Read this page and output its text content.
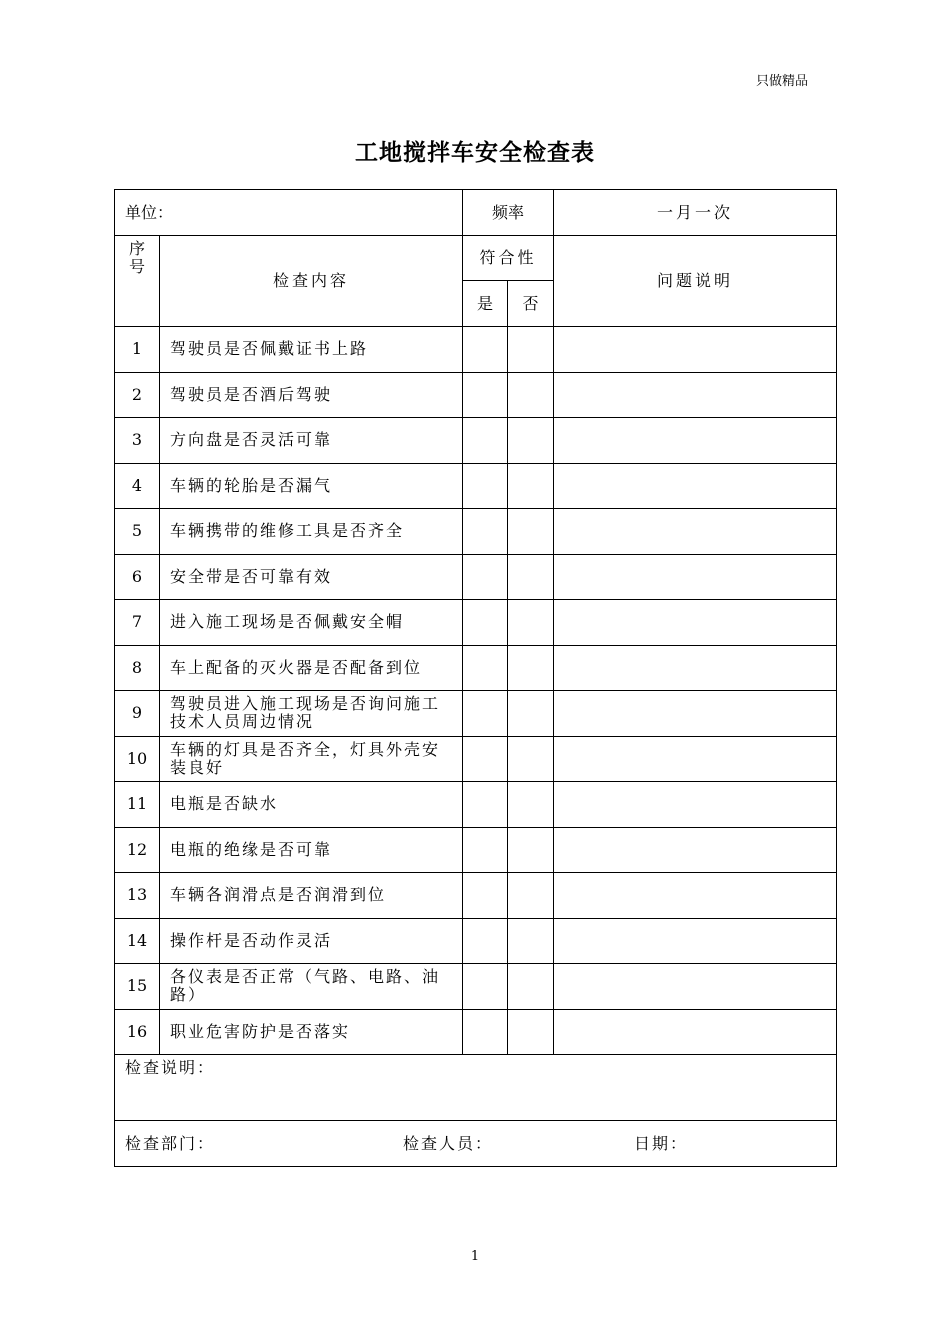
只做精品
工地搅拌车安全检查表
单位：		频率		一月一次

序
号	检查内容	符合性		问题说明
		是	否	
1	驾驶员是否佩戴证书上路			
2	驾驶员是否酒后驾驶			
3	方向盘是否灵活可靠			
4	车辆的轮胎是否漏气			
5	车辆携带的维修工具是否齐全			
6	安全带是否可靠有效			
7	进入施工现场是否佩戴安全帽			
8	车上配备的灭火器是否配备到位			
9	驾驶员进入施工现场是否询问施工技术人员周边情况			
10	车辆的灯具是否齐全，灯具外壳安装良好			
11	电瓶是否缺水			
12	电瓶的绝缘是否可靠			
13	车辆各润滑点是否润滑到位			
14	操作杆是否动作灵活			
15	各仪表是否正常（气路、电路、油路）			
16	职业危害防护是否落实			
检查说明：				

检查部门： 检查人员： 日期：				
1
